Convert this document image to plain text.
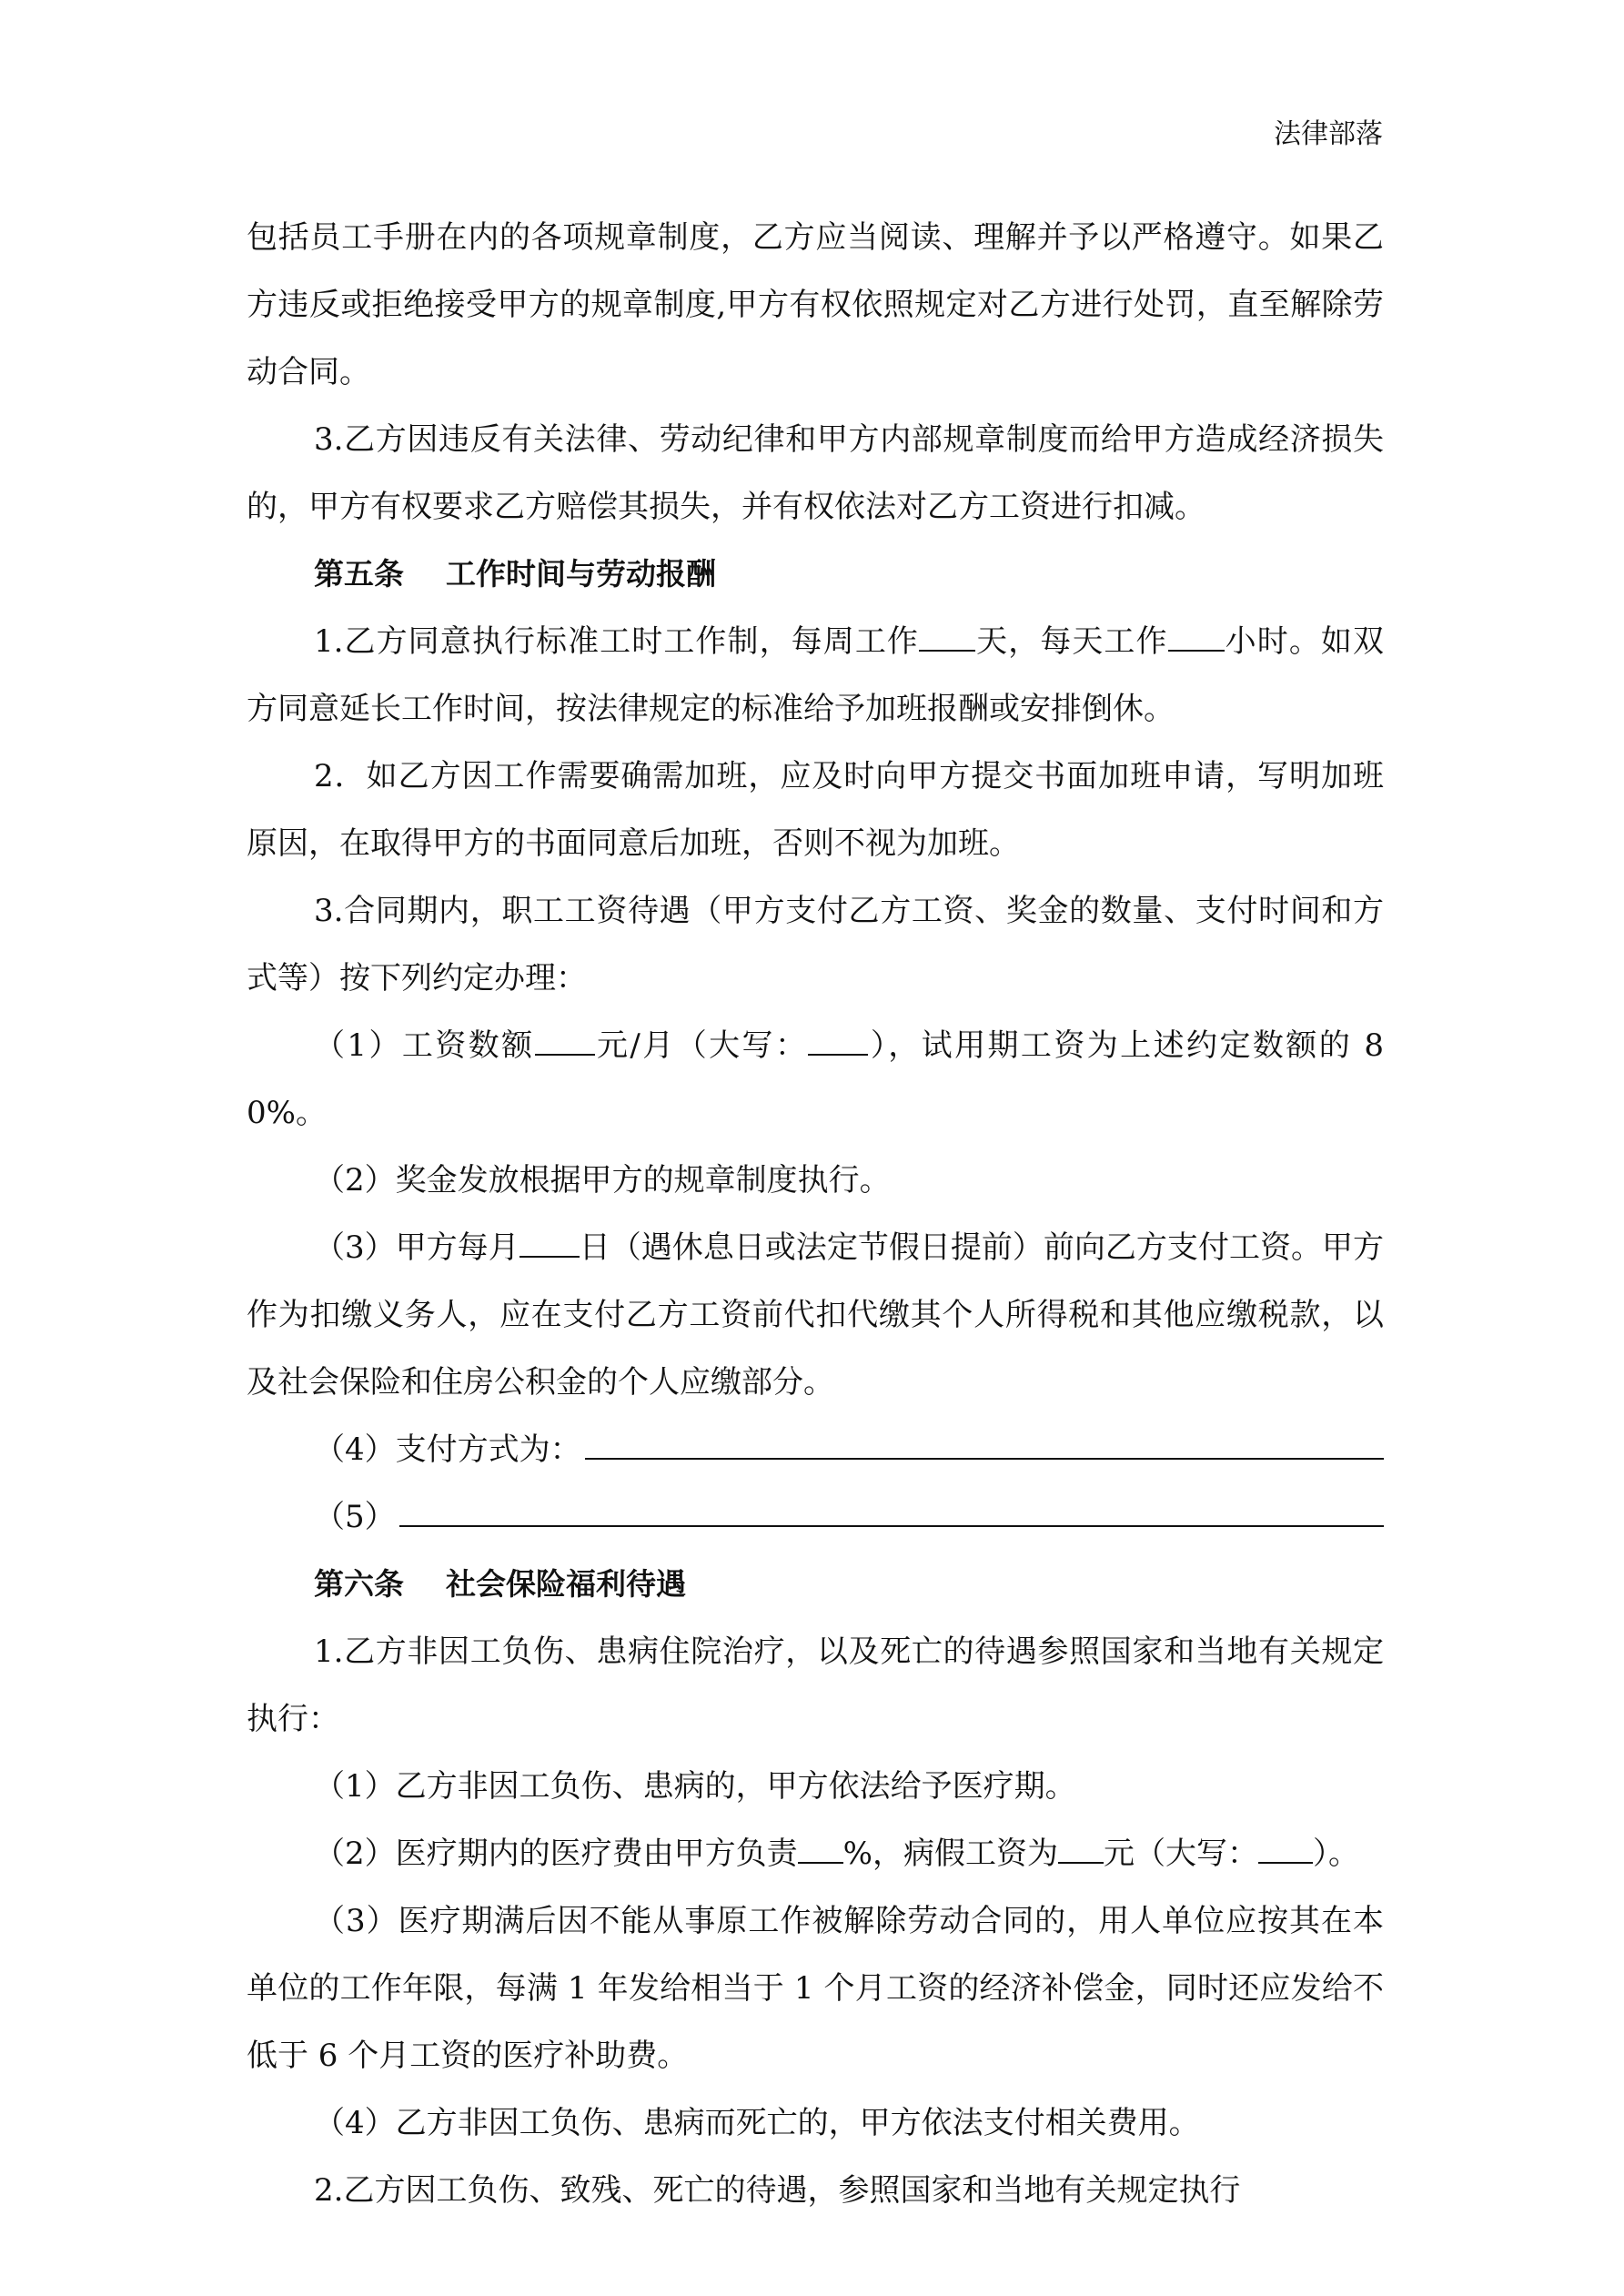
法律部落

包括员工手册在内的各项规章制度，乙方应当阅读、理解并予以严格遵守。如果乙方违反或拒绝接受甲方的规章制度,甲方有权依照规定对乙方进行处罚，直至解除劳动合同。

3.乙方因违反有关法律、劳动纪律和甲方内部规章制度而给甲方造成经济损失的，甲方有权要求乙方赔偿其损失，并有权依法对乙方工资进行扣减。

第五条 工作时间与劳动报酬

1.乙方同意执行标准工时工作制，每周工作 天，每天工作 小时。如双方同意延长工作时间，按法律规定的标准给予加班报酬或安排倒休。

2．如乙方因工作需要确需加班，应及时向甲方提交书面加班申请，写明加班原因，在取得甲方的书面同意后加班，否则不视为加班。

3.合同期内，职工工资待遇（甲方支付乙方工资、奖金的数量、支付时间和方式等）按下列约定办理：

（1）工资数额 元/月（大写： ），试用期工资为上述约定数额的 80%。

（2）奖金发放根据甲方的规章制度执行。

（3）甲方每月 日（遇休息日或法定节假日提前）前向乙方支付工资。甲方作为扣缴义务人，应在支付乙方工资前代扣代缴其个人所得税和其他应缴税款，以及社会保险和住房公积金的个人应缴部分。

（4）支付方式为：
（5）

第六条 社会保险福利待遇

1.乙方非因工负伤、患病住院治疗，以及死亡的待遇参照国家和当地有关规定执行：

（1）乙方非因工负伤、患病的，甲方依法给予医疗期。

（2）医疗期内的医疗费由甲方负责 %，病假工资为 元（大写： ）。

（3）医疗期满后因不能从事原工作被解除劳动合同的，用人单位应按其在本单位的工作年限，每满 1 年发给相当于 1 个月工资的经济补偿金，同时还应发给不低于 6 个月工资的医疗补助费。

（4）乙方非因工负伤、患病而死亡的，甲方依法支付相关费用。

2.乙方因工负伤、致残、死亡的待遇，参照国家和当地有关规定执行
